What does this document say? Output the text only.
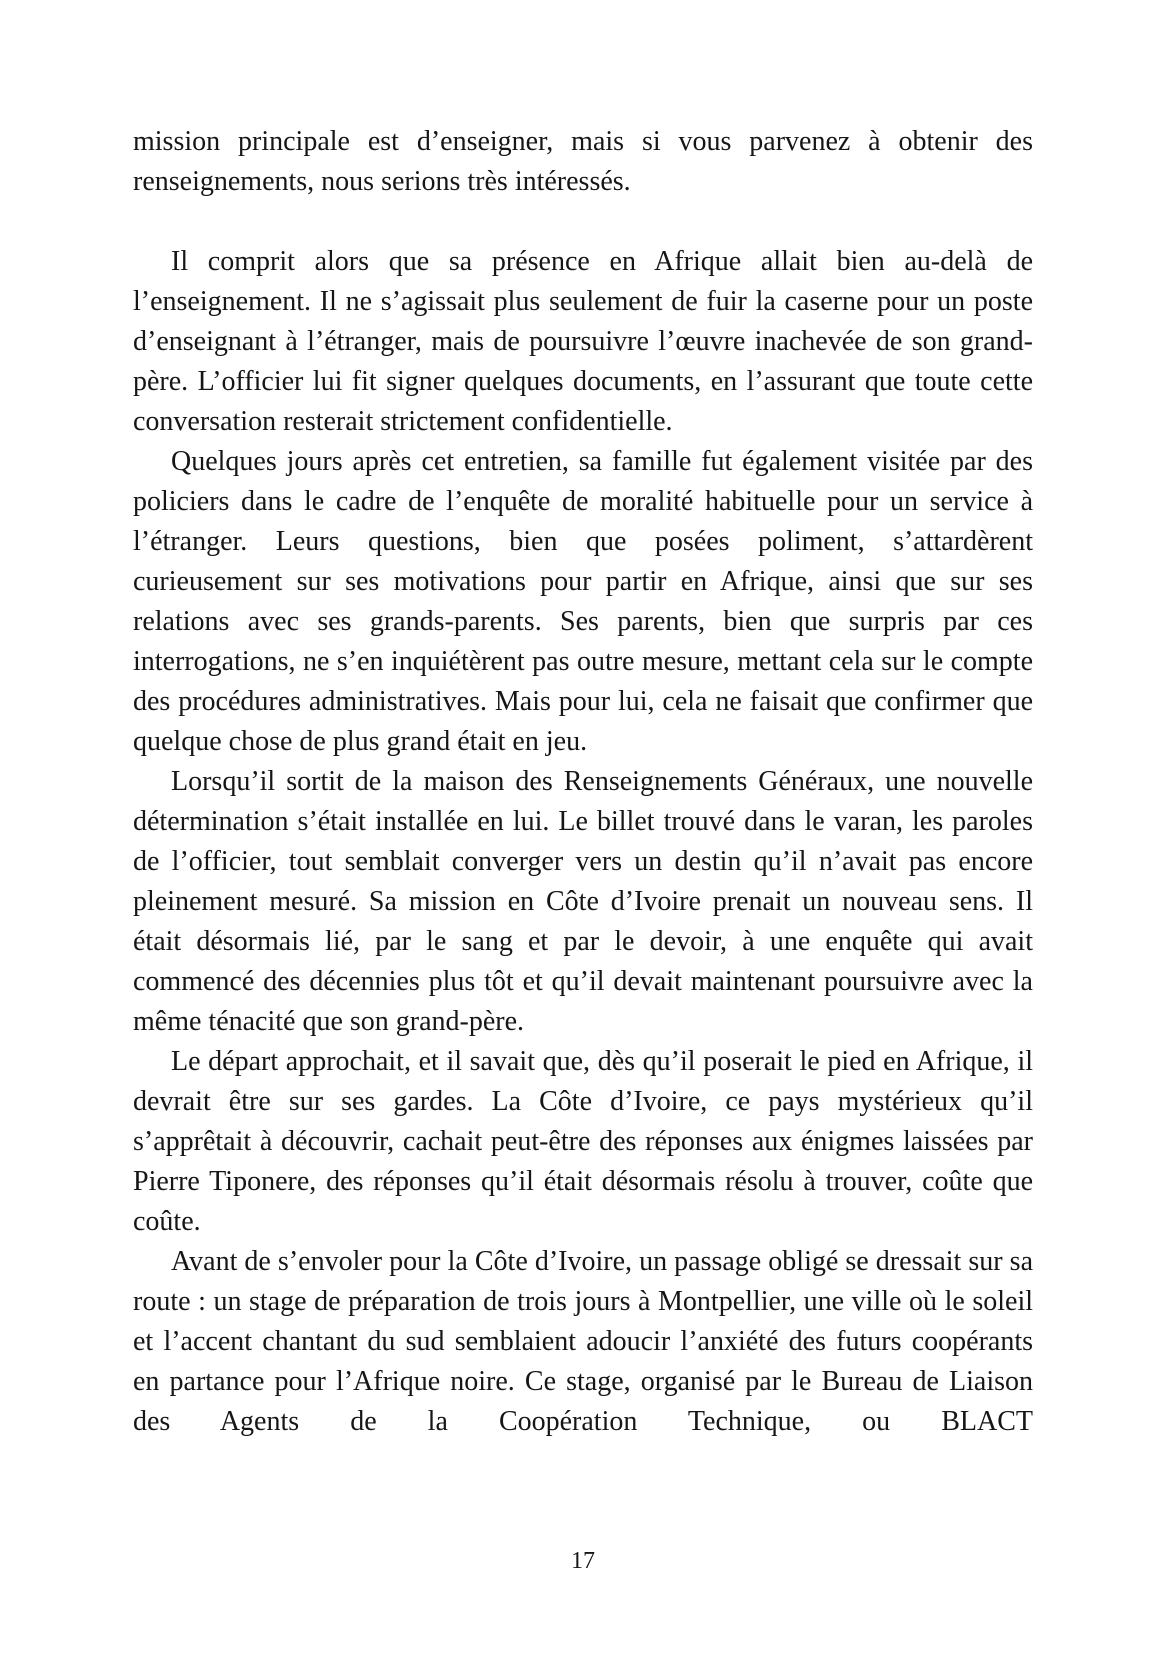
mission principale est d’enseigner, mais si vous parvenez à obtenir des renseignements, nous serions très intéressés.

Il comprit alors que sa présence en Afrique allait bien au-delà de l’enseignement. Il ne s’agissait plus seulement de fuir la caserne pour un poste d’enseignant à l’étranger, mais de poursuivre l’œuvre inachevée de son grand-père. L’officier lui fit signer quelques documents, en l’assurant que toute cette conversation resterait strictement confidentielle.

Quelques jours après cet entretien, sa famille fut également visitée par des policiers dans le cadre de l’enquête de moralité habituelle pour un service à l’étranger. Leurs questions, bien que posées poliment, s’attardèrent curieusement sur ses motivations pour partir en Afrique, ainsi que sur ses relations avec ses grands-parents. Ses parents, bien que surpris par ces interrogations, ne s’en inquiétèrent pas outre mesure, mettant cela sur le compte des procédures administratives. Mais pour lui, cela ne faisait que confirmer que quelque chose de plus grand était en jeu.

Lorsqu’il sortit de la maison des Renseignements Généraux, une nouvelle détermination s’était installée en lui. Le billet trouvé dans le varan, les paroles de l’officier, tout semblait converger vers un destin qu’il n’avait pas encore pleinement mesuré. Sa mission en Côte d’Ivoire prenait un nouveau sens. Il était désormais lié, par le sang et par le devoir, à une enquête qui avait commencé des décennies plus tôt et qu’il devait maintenant poursuivre avec la même ténacité que son grand-père.

Le départ approchait, et il savait que, dès qu’il poserait le pied en Afrique, il devrait être sur ses gardes. La Côte d’Ivoire, ce pays mystérieux qu’il s’apprêtait à découvrir, cachait peut-être des réponses aux énigmes laissées par Pierre Tiponere, des réponses qu’il était désormais résolu à trouver, coûte que coûte.

Avant de s’envoler pour la Côte d’Ivoire, un passage obligé se dressait sur sa route : un stage de préparation de trois jours à Montpellier, une ville où le soleil et l’accent chantant du sud semblaient adoucir l’anxiété des futurs coopérants en partance pour l’Afrique noire. Ce stage, organisé par le Bureau de Liaison des Agents de la Coopération Technique, ou BLACT

17
